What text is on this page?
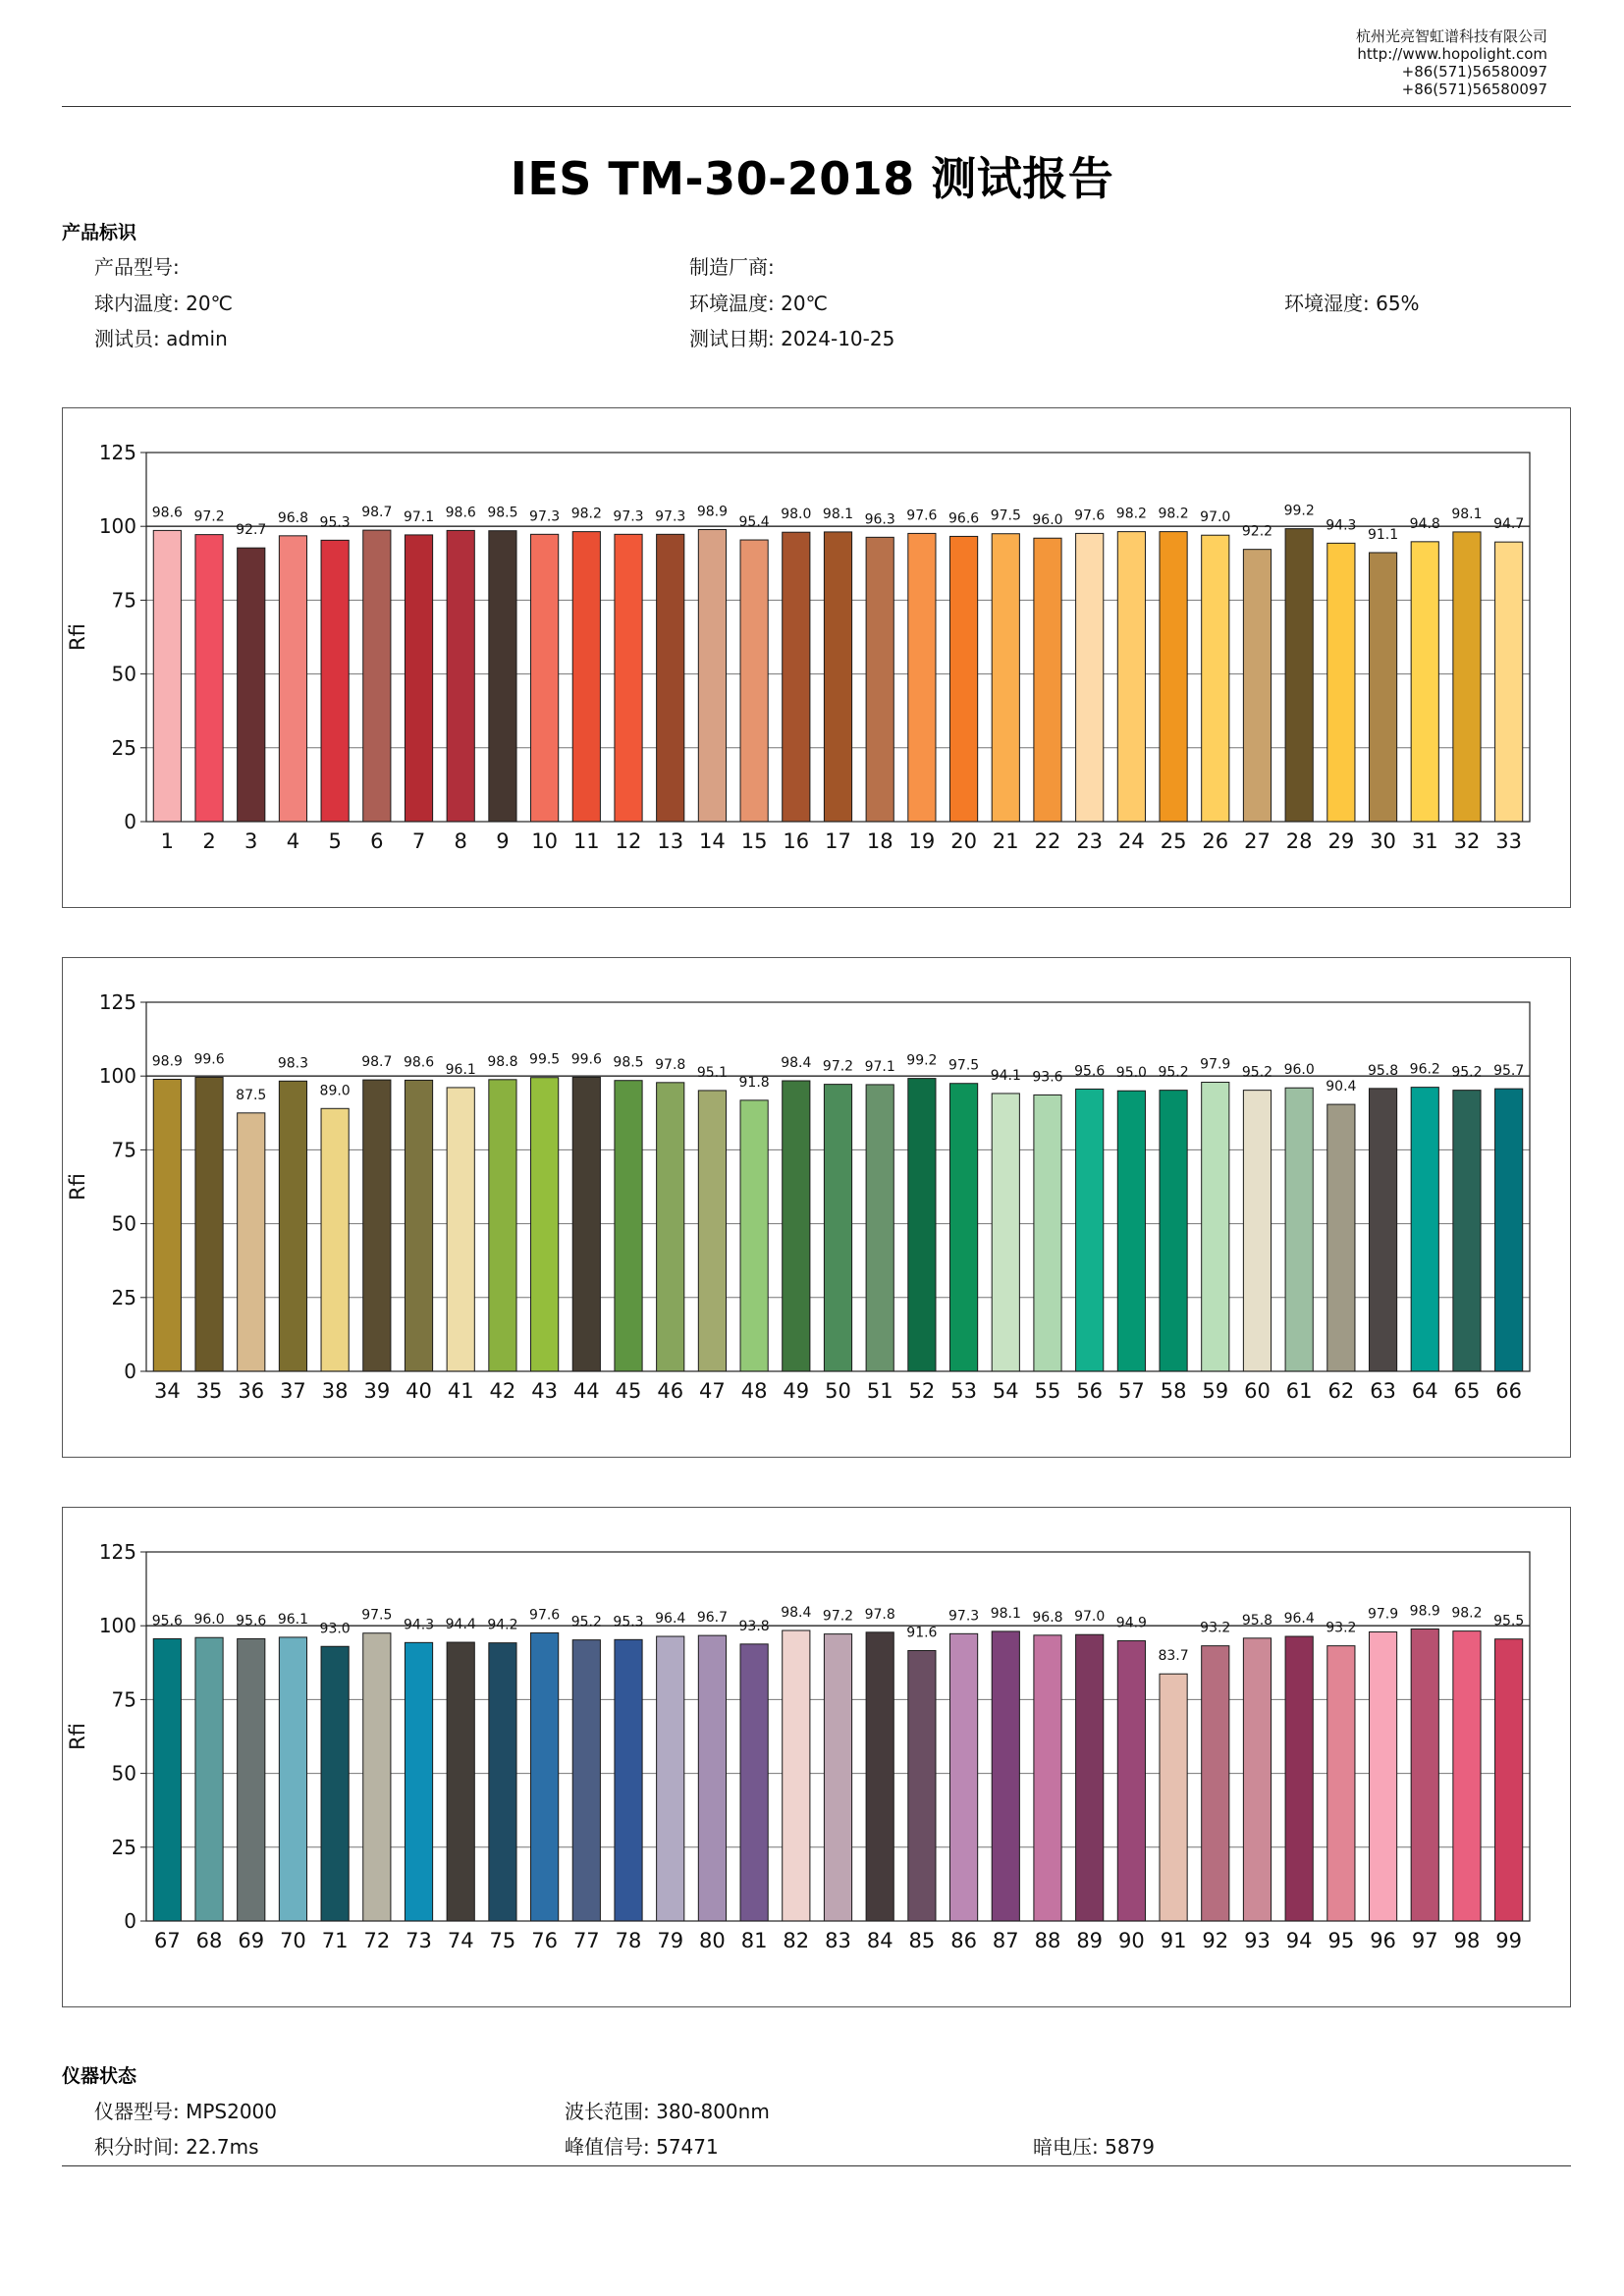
杭州光亮智虹谱科技有限公司
http://www.hopolight.com
+86(571)56580097
+86(571)56580097
IES TM-30-2018 测试报告
产品标识
产品型号:	制造厂商:
球内温度: 20℃	环境温度: 20℃	环境湿度: 65%
测试员: admin	测试日期: 2024-10-25
0
25
50
75
100
125
Rfi
98.6
1
97.2
2
92.7
3
96.8
4
95.3
5
98.7
6
97.1
7
98.6
8
98.5
9
97.3
10
98.2
11
97.3
12
97.3
13
98.9
14
95.4
15
98.0
16
98.1
17
96.3
18
97.6
19
96.6
20
97.5
21
96.0
22
97.6
23
98.2
24
98.2
25
97.0
26
92.2
27
99.2
28
94.3
29
91.1
30
94.8
31
98.1
32
94.7
33
0
25
50
75
100
125
Rfi
98.9
34
99.6
35
87.5
36
98.3
37
89.0
38
98.7
39
98.6
40
96.1
41
98.8
42
99.5
43
99.6
44
98.5
45
97.8
46
95.1
47
91.8
48
98.4
49
97.2
50
97.1
51
99.2
52
97.5
53
94.1
54
93.6
55
95.6
56
95.0
57
95.2
58
97.9
59
95.2
60
96.0
61
90.4
62
95.8
63
96.2
64
95.2
65
95.7
66
0
25
50
75
100
125
Rfi
95.6
67
96.0
68
95.6
69
96.1
70
93.0
71
97.5
72
94.3
73
94.4
74
94.2
75
97.6
76
95.2
77
95.3
78
96.4
79
96.7
80
93.8
81
98.4
82
97.2
83
97.8
84
91.6
85
97.3
86
98.1
87
96.8
88
97.0
89
94.9
90
83.7
91
93.2
92
95.8
93
96.4
94
93.2
95
97.9
96
98.9
97
98.2
98
95.5
99
仪器状态
仪器型号: MPS2000	波长范围: 380-800nm
积分时间: 22.7ms	峰值信号: 57471	暗电压: 5879
